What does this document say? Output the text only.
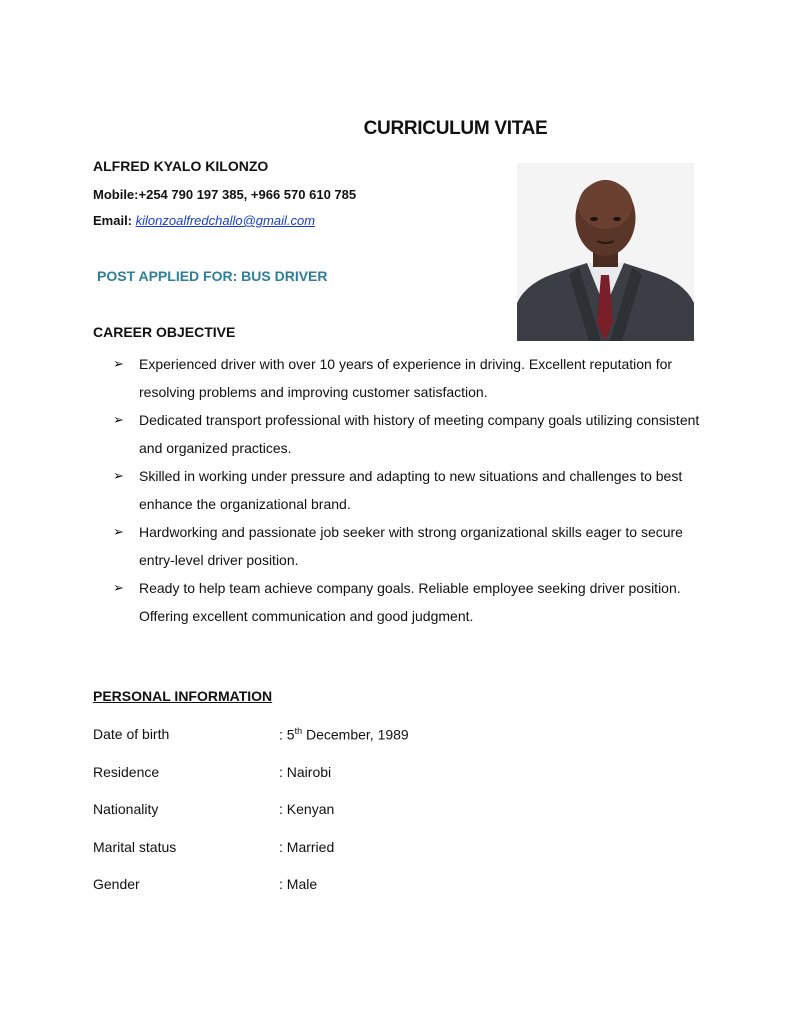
CURRICULUM VITAE
ALFRED KYALO KILONZO
Mobile:+254 790 197 385, +966 570 610 785
Email: kilonzoalfredchallo@gmail.com
POST APPLIED FOR: BUS DRIVER
CAREER OBJECTIVE
➢ Experienced driver with over 10 years of experience in driving. Excellent reputation for resolving problems and improving customer satisfaction.
➢ Dedicated transport professional with history of meeting company goals utilizing consistent and organized practices.
➢ Skilled in working under pressure and adapting to new situations and challenges to best enhance the organizational brand.
➢ Hardworking and passionate job seeker with strong organizational skills eager to secure entry-level driver position.
➢ Ready to help team achieve company goals. Reliable employee seeking driver position. Offering excellent communication and good judgment.
PERSONAL INFORMATION
Date of birth	: 5th December, 1989
Residence	: Nairobi
Nationality	: Kenyan
Marital status	: Married
Gender	: Male
